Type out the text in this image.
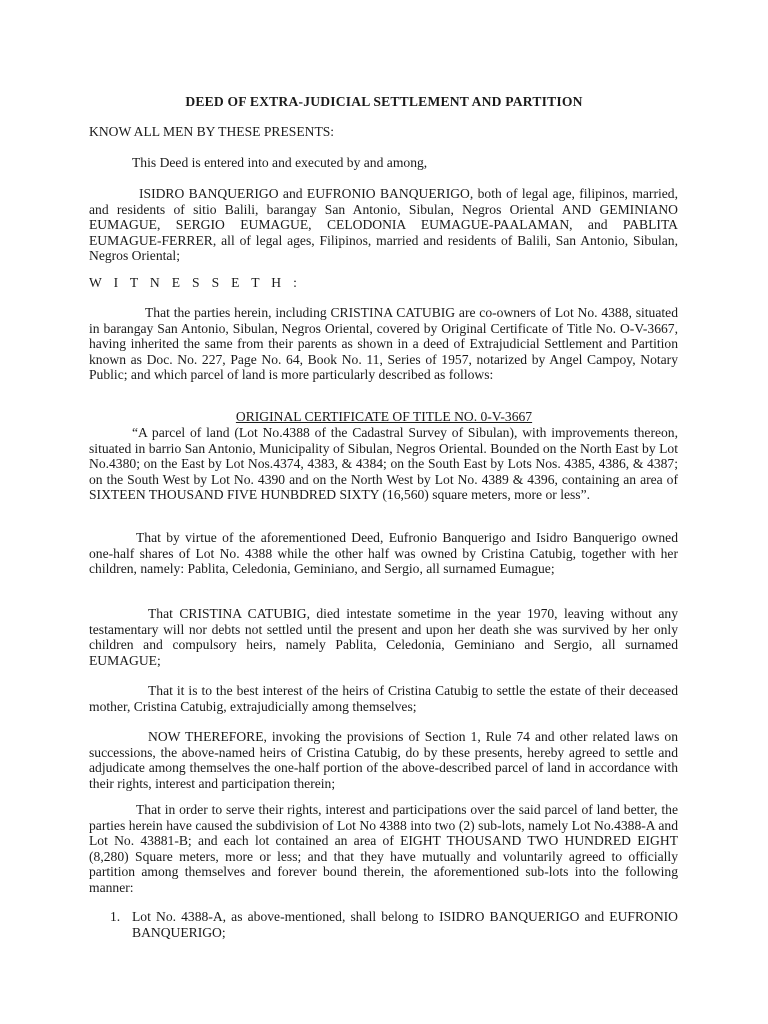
DEED OF EXTRA-JUDICIAL SETTLEMENT AND PARTITION
KNOW ALL MEN BY THESE PRESENTS:
This Deed is entered into and executed by and among,
ISIDRO BANQUERIGO and EUFRONIO BANQUERIGO, both of legal age, filipinos, married, and residents of sitio Balili, barangay San Antonio, Sibulan, Negros Oriental AND GEMINIANO EUMAGUE, SERGIO EUMAGUE, CELODONIA EUMAGUE-PAALAMAN, and PABLITA EUMAGUE-FERRER, all of legal ages, Filipinos, married and residents of Balili, San Antonio, Sibulan, Negros Oriental;
W I T N E S S E T H :
That the parties herein, including CRISTINA CATUBIG are co-owners of Lot No. 4388, situated in barangay San Antonio, Sibulan, Negros Oriental, covered by Original Certificate of Title No. O-V-3667, having inherited the same from their parents as shown in a deed of Extrajudicial Settlement and Partition known as Doc. No. 227, Page No. 64, Book No. 11, Series of 1957, notarized by Angel Campoy, Notary Public; and which parcel of land is more particularly described as follows:
ORIGINAL CERTIFICATE OF TITLE NO. 0-V-3667
“A parcel of land (Lot No.4388 of the Cadastral Survey of Sibulan), with improvements thereon, situated in barrio San Antonio, Municipality of Sibulan, Negros Oriental. Bounded on the North East by Lot No.4380; on the East by Lot Nos.4374, 4383, & 4384; on the South East by Lots Nos. 4385, 4386, & 4387; on the South West by Lot No. 4390 and on the North West by Lot No. 4389 & 4396, containing an area of SIXTEEN THOUSAND FIVE HUNBDRED SIXTY (16,560) square meters, more or less”.
That by virtue of the aforementioned Deed, Eufronio Banquerigo and Isidro Banquerigo owned one-half shares of Lot No. 4388 while the other half was owned by Cristina Catubig, together with her children, namely: Pablita, Celedonia, Geminiano, and Sergio, all surnamed Eumague;
That CRISTINA CATUBIG, died intestate sometime in the year 1970, leaving without any testamentary will nor debts not settled until the present and upon her death she was survived by her only children and compulsory heirs, namely Pablita, Celedonia, Geminiano and Sergio, all surnamed EUMAGUE;
That it is to the best interest of the heirs of Cristina Catubig to settle the estate of their deceased mother, Cristina Catubig, extrajudicially among themselves;
NOW THEREFORE, invoking the provisions of Section 1, Rule 74 and other related laws on successions, the above-named heirs of Cristina Catubig, do by these presents, hereby agreed to settle and adjudicate among themselves the one-half portion of the above-described parcel of land in accordance with their rights, interest and participation therein;
That in order to serve their rights, interest and participations over the said parcel of land better, the parties herein have caused the subdivision of Lot No 4388 into two (2) sub-lots, namely Lot No.4388-A and Lot No. 43881-B; and each lot contained an area of EIGHT THOUSAND TWO HUNDRED EIGHT (8,280) Square meters, more or less; and that they have mutually and voluntarily agreed to officially partition among themselves and forever bound therein, the aforementioned sub-lots into the following manner:
1. Lot No. 4388-A, as above-mentioned, shall belong to ISIDRO BANQUERIGO and EUFRONIO BANQUERIGO;
